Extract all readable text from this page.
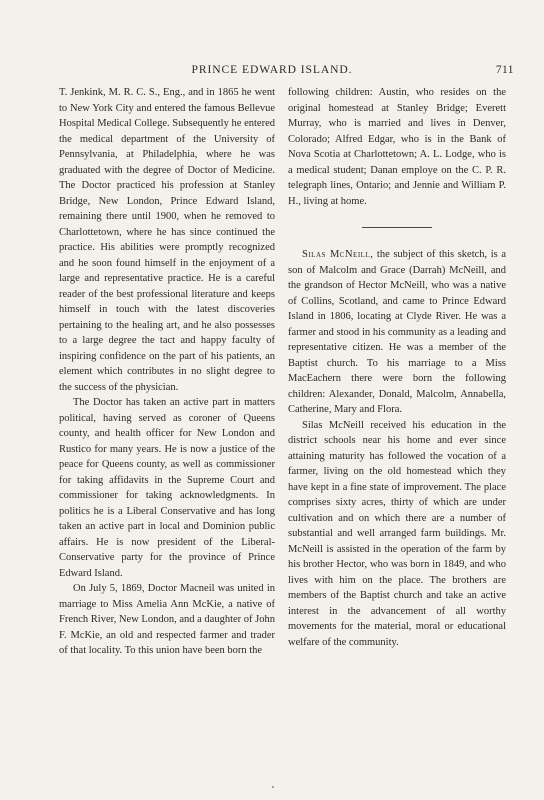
PRINCE EDWARD ISLAND.	711

T. Jenkink, M. R. C. S., Eng., and in 1865 he went to New York City and entered the famous Bellevue Hospital Medical College. Subsequently he entered the medical department of the University of Pennsylvania, at Philadelphia, where he was graduated with the degree of Doctor of Medicine. The Doctor practiced his profession at Stanley Bridge, New London, Prince Edward Island, remaining there until 1900, when he removed to Charlottetown, where he has since continued the practice. His abilities were promptly recognized and he soon found himself in the enjoyment of a large and representative practice. He is a careful reader of the best professional literature and keeps himself in touch with the latest discoveries pertaining to the healing art, and he also possesses to a large degree the tact and happy faculty of inspiring confidence on the part of his patients, an element which contributes in no slight degree to the success of the physician.

The Doctor has taken an active part in matters political, having served as coroner of Queens county, and health officer for New London and Rustico for many years. He is now a justice of the peace for Queens county, as well as commissioner for taking affidavits in the Supreme Court and commissioner for taking acknowledgments. In politics he is a Liberal Conservative and has long taken an active part in local and Dominion public affairs. He is now president of the Liberal-Conservative party for the province of Prince Edward Island.

On July 5, 1869, Doctor Macneil was united in marriage to Miss Amelia Ann McKie, a native of French River, New London, and a daughter of John F. McKie, an old and respected farmer and trader of that locality. To this union have been born the

following children: Austin, who resides on the original homestead at Stanley Bridge; Everett Murray, who is married and lives in Denver, Colorado; Alfred Edgar, who is in the Bank of Nova Scotia at Charlottetown; A. L. Lodge, who is a medical student; Danan employe on the C. P. R. telegraph lines, Ontario; and Jennie and William P. H., living at home.

Silas McNeill, the subject of this sketch, is a son of Malcolm and Grace (Darrah) McNeill, and the grandson of Hector McNeill, who was a native of Collins, Scotland, and came to Prince Edward Island in 1806, locating at Clyde River. He was a farmer and stood in his community as a leading and representative citizen. He was a member of the Baptist church. To his marriage to a Miss MacEachern there were born the following children: Alexander, Donald, Malcolm, Annabella, Catherine, Mary and Flora.

Silas McNeill received his education in the district schools near his home and ever since attaining maturity has followed the vocation of a farmer, living on the old homestead which they have kept in a fine state of improvement. The place comprises sixty acres, thirty of which are under cultivation and on which there are a number of substantial and well arranged farm buildings. Mr. McNeill is assisted in the operation of the farm by his brother Hector, who was born in 1849, and who lives with him on the place. The brothers are members of the Baptist church and take an active interest in the advancement of all worthy movements for the material, moral or educational welfare of the community.
